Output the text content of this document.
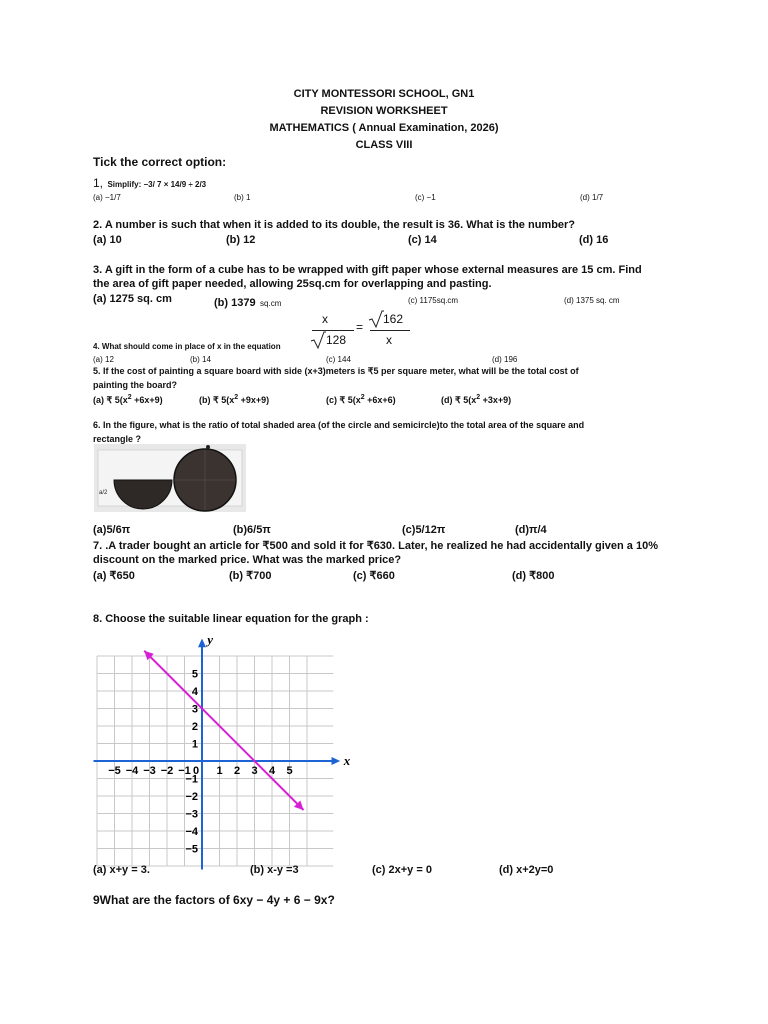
CITY MONTESSORI SCHOOL, GN1
REVISION WORKSHEET
MATHEMATICS ( Annual Examination, 2026)
CLASS VIII
Tick the correct option:
1, Simplify: −3/ 7 × 14/9 ÷ 2/3
(a) −1/7	(b) 1	(c) −1	(d) 1/7
2. A number is such that when it is added to its double, the result is 36. What is the number?
(a) 10	(b) 12	(c) 14	(d) 16
3. A gift in the form of a cube has to be wrapped with gift paper whose external measures are 15 cm. Find
the area of gift paper needed, allowing 25sq.cm for overlapping and pasting.
(a) 1275 sq. cm	(b) 1379 sq.cm	(c) 1175sq.cm	(d) 1375 sq. cm
x
128
=
162
x
4. What should come in place of x in the equation
(a) 12	(b) 14	(c) 144	(d) 196
5. If the cost of painting a square board with side (x+3)meters is ₹5 per square meter, what will be the total cost of
painting the board?
(a) ₹ $5(x^2 +6x+9)$	(b) ₹ $5(x^2 +9x+9)$	(c) ₹ $5(x^2 +6x+6)$	(d) ₹ $5(x^2 +3x+9)$
6. In the figure, what is the ratio of total shaded area (of the circle and semicircle)to the total area of the square and
rectangle ?
a/2
(a)5/6π	(b)6/5π	(c)5/12π	(d)π/4
7. .A trader bought an article for ₹500 and sold it for ₹630. Later, he realized he had accidentally given a 10%
discount on the marked price. What was the marked price?
(a) ₹650	(b) ₹700	(c) ₹660	(d) ₹800
8. Choose the suitable linear equation for the graph :
x
y
−5 −4 −3 −2 −1 0 1 2 3 4 5
5
4
3
2
1
−1
−2
−3
−4
−5
(a) x+y = 3.	(b) x-y =3	(c) 2x+y = 0	(d) x+2y=0
9What are the factors of 6xy − 4y + 6 − 9x?
